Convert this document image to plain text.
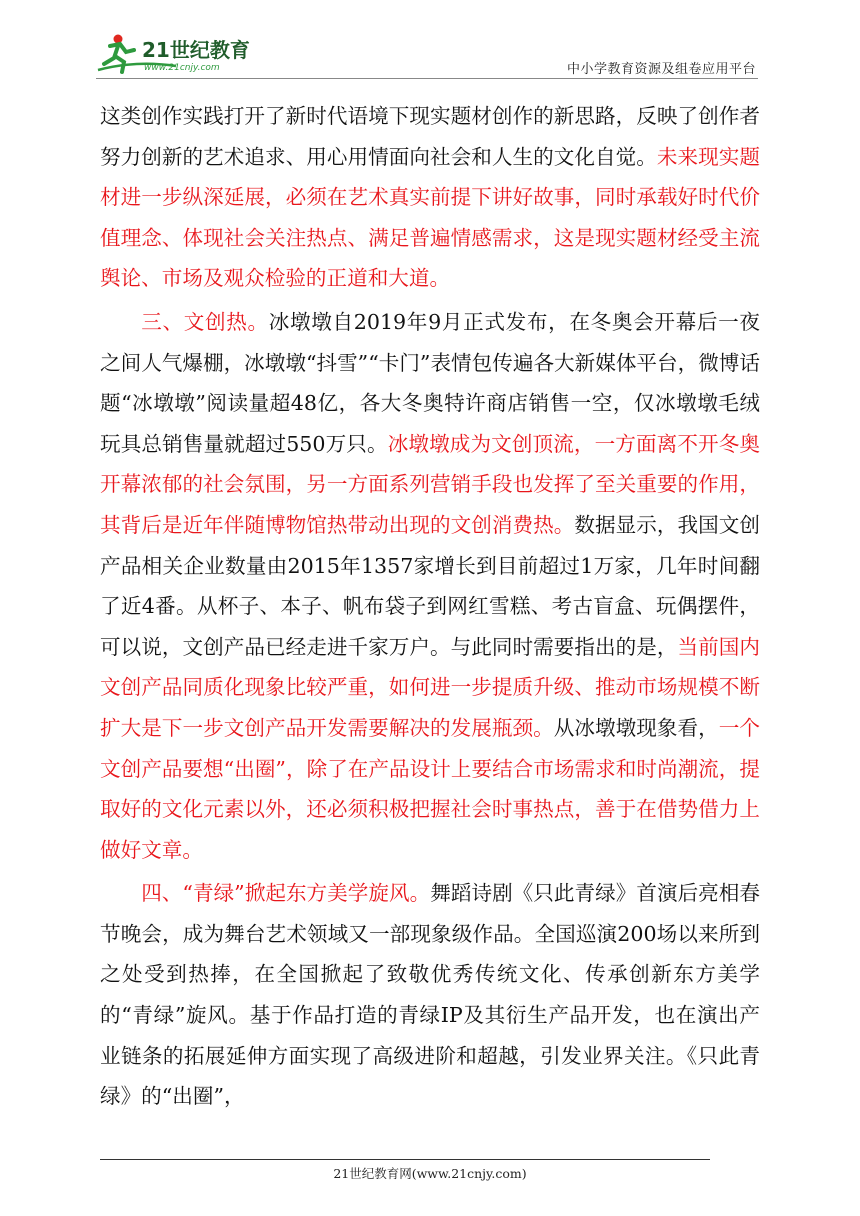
21世纪教育
www.21cnjy.com	中小学教育资源及组卷应用平台

这类创作实践打开了新时代语境下现实题材创作的新思路，反映了创作者努力创新的艺术追求、用心用情面向社会和人生的文化自觉。未来现实题材进一步纵深延展，必须在艺术真实前提下讲好故事，同时承载好时代价值理念、体现社会关注热点、满足普遍情感需求，这是现实题材经受主流舆论、市场及观众检验的正道和大道。

三、文创热。冰墩墩自2019年9月正式发布，在冬奥会开幕后一夜之间人气爆棚，冰墩墩“抖雪”“卡门”表情包传遍各大新媒体平台，微博话题“冰墩墩”阅读量超48亿，各大冬奥特许商店销售一空，仅冰墩墩毛绒玩具总销售量就超过550万只。冰墩墩成为文创顶流，一方面离不开冬奥开幕浓郁的社会氛围，另一方面系列营销手段也发挥了至关重要的作用，其背后是近年伴随博物馆热带动出现的文创消费热。数据显示，我国文创产品相关企业数量由2015年1357家增长到目前超过1万家，几年时间翻了近4番。从杯子、本子、帆布袋子到网红雪糕、考古盲盒、玩偶摆件，可以说，文创产品已经走进千家万户。与此同时需要指出的是，当前国内文创产品同质化现象比较严重，如何进一步提质升级、推动市场规模不断扩大是下一步文创产品开发需要解决的发展瓶颈。从冰墩墩现象看，一个文创产品要想“出圈”，除了在产品设计上要结合市场需求和时尚潮流，提取好的文化元素以外，还必须积极把握社会时事热点，善于在借势借力上做好文章。

四、“青绿”掀起东方美学旋风。舞蹈诗剧《只此青绿》首演后亮相春节晚会，成为舞台艺术领域又一部现象级作品。全国巡演200场以来所到之处受到热捧，在全国掀起了致敬优秀传统文化、传承创新东方美学的“青绿”旋风。基于作品打造的青绿IP及其衍生产品开发，也在演出产业链条的拓展延伸方面实现了高级进阶和超越，引发业界关注。《只此青绿》的“出圈”，

21世纪教育网(www.21cnjy.com)
